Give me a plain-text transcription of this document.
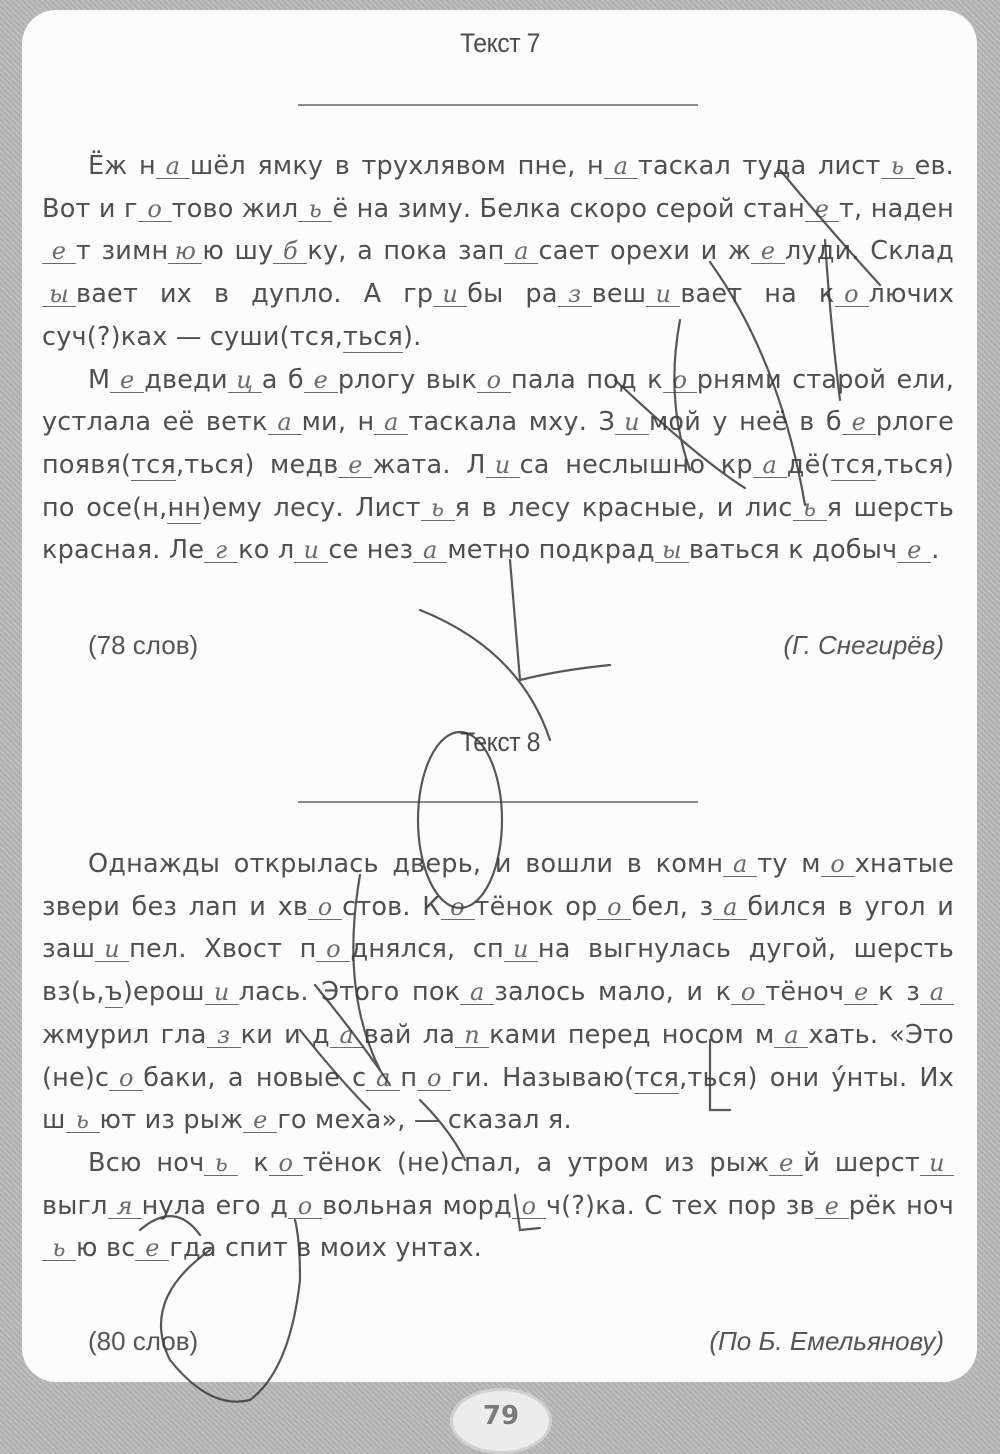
Текст 7

Ёж н а шёл ямку в трухлявом пне, н а таскал туда лист ь ев. Вот и г о тово жил ь ё на зиму. Белка скоро серой стан е т, надене т зимн ю ю шу б ку, а пока зап а сает орехи и ж е луди. Склады вает их в дупло. А гр и бы ра з веш и вает на к о лючих суч(?)ках — суши(тся,ться).

М е дведи ц а б е рлогу вык о пала под к о рнями старой ели, устлала её ветк а ми, н а таскала мху. З и мой у неё в б е рлоге появя(тся,ться) медв е жата. Л и са неслышно кр а дё(тся,ться) по осе(н,нн)ему лесу. Лист ь я в лесу красные, и лис ь я шерсть красная. Ле г ко л и се нез а метно подкрад ы ваться к добыч е .

(78 слов)	(Г. Снегирёв)
Текст 8

Однажды открылась дверь, и вошли в комн а ту м о хнатые звери без лап и хв о стов. К о тёнок ор о бел, з а бился в угол и заш и пел. Хвост п о днялся, сп и на выгнулась дугой, шерсть вз(ь,ъ)ерош и лась. Этого пок а залось мало, и к о тёноч е к з ажмурил гла з ки и д а вай ла п ками перед носом м а хать. «Это (не)с о баки, а новые с а п о ги. Называю(тся,ться) они у́нты. Их ш ь ют из рыж е го меха», — сказал я.

Всю ноч ь к о тёнок (не)спал, а утром из рыж е й шерст и выгл я нула его д о вольная морд о ч(?)ка. С тех пор зв е рёк ночь ю вс е гда спит в моих унтах.

(80 слов)	(По Б. Емельянову)
79
